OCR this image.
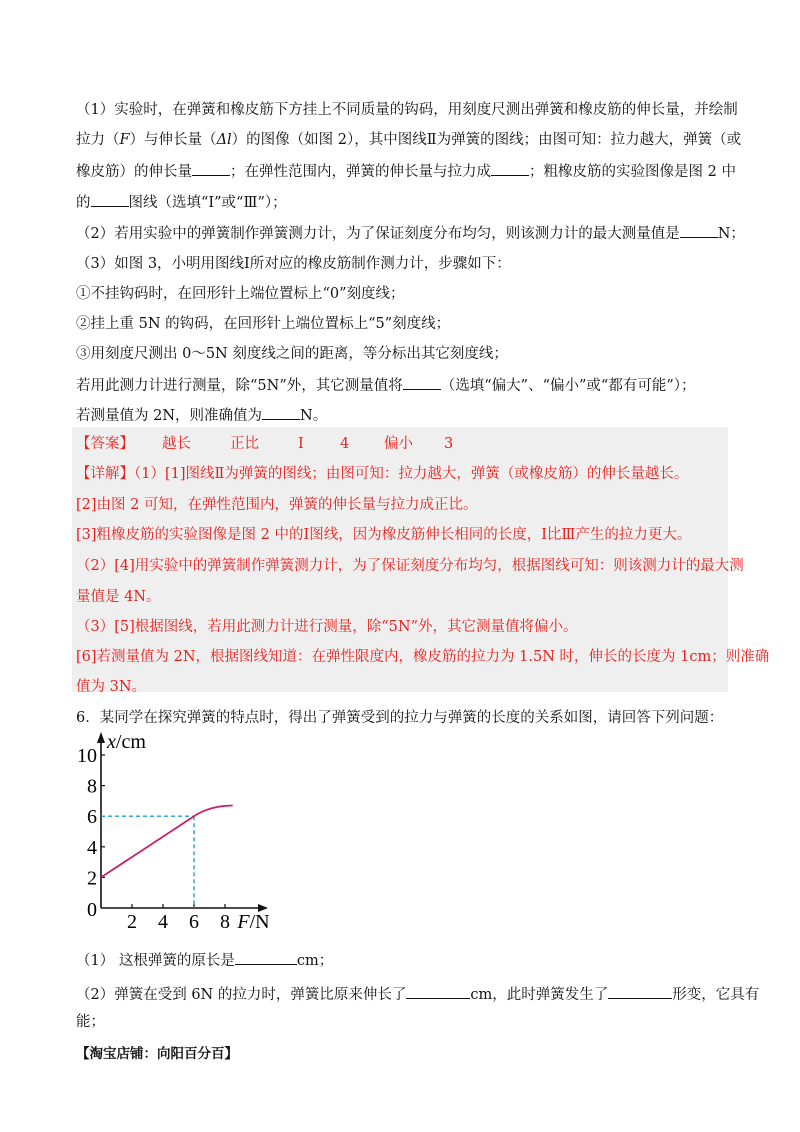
（1）实验时，在弹簧和橡皮筋下方挂上不同质量的钩码，用刻度尺测出弹簧和橡皮筋的伸长量，并绘制
拉力（F）与伸长量（Δl）的图像（如图 2），其中图线Ⅱ为弹簧的图线；由图可知：拉力越大，弹簧（或
橡皮筋）的伸长量	；在弹性范围内，弹簧的伸长量与拉力成	；粗橡皮筋的实验图像是图 2 中
的	图线（选填“Ⅰ”或“Ⅲ”）；
（2）若用实验中的弹簧制作弹簧测力计，为了保证刻度分布均匀，则该测力计的最大测量值是	N；
（3）如图 3，小明用图线Ⅰ所对应的橡皮筋制作测力计，步骤如下：
①不挂钩码时，在回形针上端位置标上“0”刻度线；
②挂上重 5N 的钩码，在回形针上端位置标上“5”刻度线；
③用刻度尺测出 0～5N 刻度线之间的距离，等分标出其它刻度线；
若用此测力计进行测量，除“5N”外，其它测量值将	（选填“偏大”、“偏小”或“都有可能”）；
若测量值为 2N，则准确值为	N。
【答案】 越长	正比	Ⅰ	4 偏小 3
【详解】（1）[1]图线Ⅱ为弹簧的图线；由图可知：拉力越大，弹簧（或橡皮筋）的伸长量越长。
[2]由图 2 可知，在弹性范围内，弹簧的伸长量与拉力成正比。
[3]粗橡皮筋的实验图像是图 2 中的Ⅰ图线，因为橡皮筋伸长相同的长度，Ⅰ比Ⅲ产生的拉力更大。
（2）[4]用实验中的弹簧制作弹簧测力计，为了保证刻度分布均匀，根据图线可知：则该测力计的最大测
量值是 4N。
（3）[5]根据图线，若用此测力计进行测量，除“5N”外，其它测量值将偏小。
[6]若测量值为 2N，根据图线知道：在弹性限度内，橡皮筋的拉力为 1.5N 时，伸长的长度为 1cm；则准确
值为 3N。
6．某同学在探究弹簧的特点时，得出了弹簧受到的拉力与弹簧的长度的关系如图，请回答下列问题：
2 4 6 8
2
4
6
8
10
0
x/cm
F/N
（1） 这根弹簧的原长是	cm；
（2）弹簧在受到 6N 的拉力时，弹簧比原来伸长了	cm，此时弹簧发生了	形变，它具有
能；
【淘宝店铺：向阳百分百】
